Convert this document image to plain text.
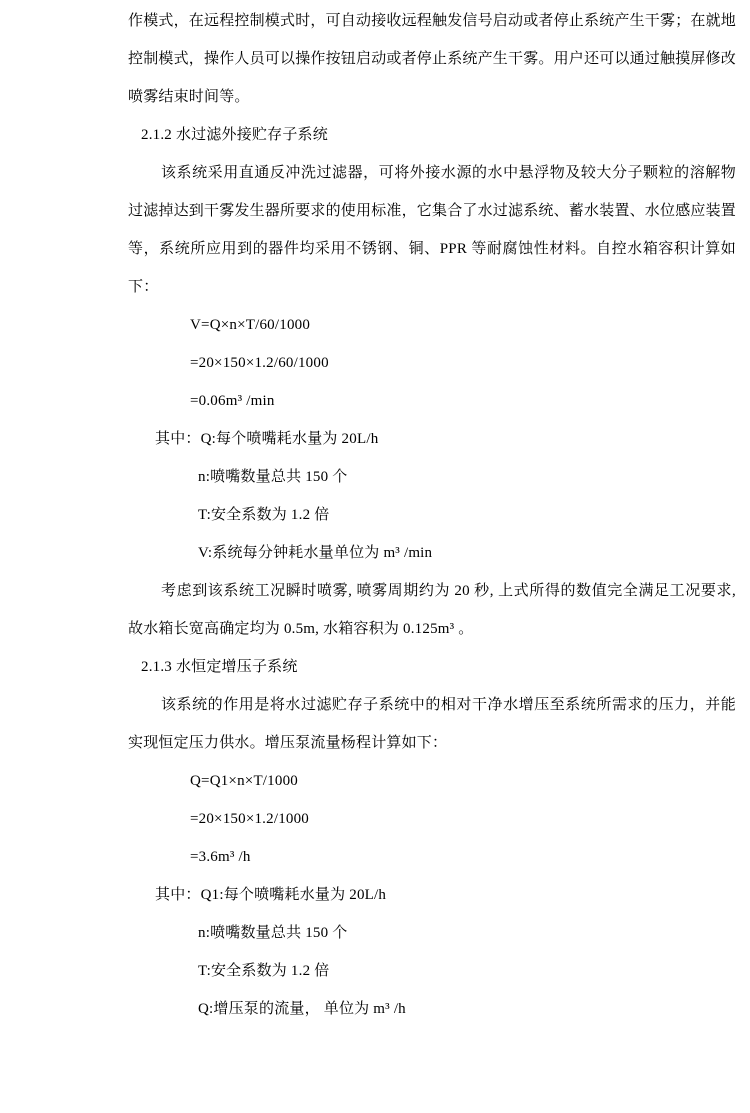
作模式，在远程控制模式时，可自动接收远程触发信号启动或者停止系统产生干雾；在就地控制模式，操作人员可以操作按钮启动或者停止系统产生干雾。用户还可以通过触摸屏修改喷雾结束时间等。

2.1.2 水过滤外接贮存子系统

该系统采用直通反冲洗过滤器，可将外接水源的水中悬浮物及较大分子颗粒的溶解物过滤掉达到干雾发生器所要求的使用标准，它集合了水过滤系统、蓄水装置、水位感应装置等，系统所应用到的器件均采用不锈钢、铜、PPR 等耐腐蚀性材料。自控水箱容积计算如下：

V=Q×n×T/60/1000
=20×150×1.2/60/1000
=0.06m³ /min
其中：Q:每个喷嘴耗水量为 20L/h
n:喷嘴数量总共 150 个
T:安全系数为 1.2 倍
V:系统每分钟耗水量单位为 m³ /min

考虑到该系统工况瞬时喷雾, 喷雾周期约为 20 秒, 上式所得的数值完全满足工况要求, 故水箱长宽高确定均为 0.5m, 水箱容积为 0.125m³ 。

2.1.3 水恒定增压子系统

该系统的作用是将水过滤贮存子系统中的相对干净水增压至系统所需求的压力，并能实现恒定压力供水。增压泵流量杨程计算如下：

Q=Q1×n×T/1000
=20×150×1.2/1000
=3.6m³ /h
其中：Q1:每个喷嘴耗水量为 20L/h
n:喷嘴数量总共 150 个
T:安全系数为 1.2 倍
Q:增压泵的流量， 单位为 m³ /h
